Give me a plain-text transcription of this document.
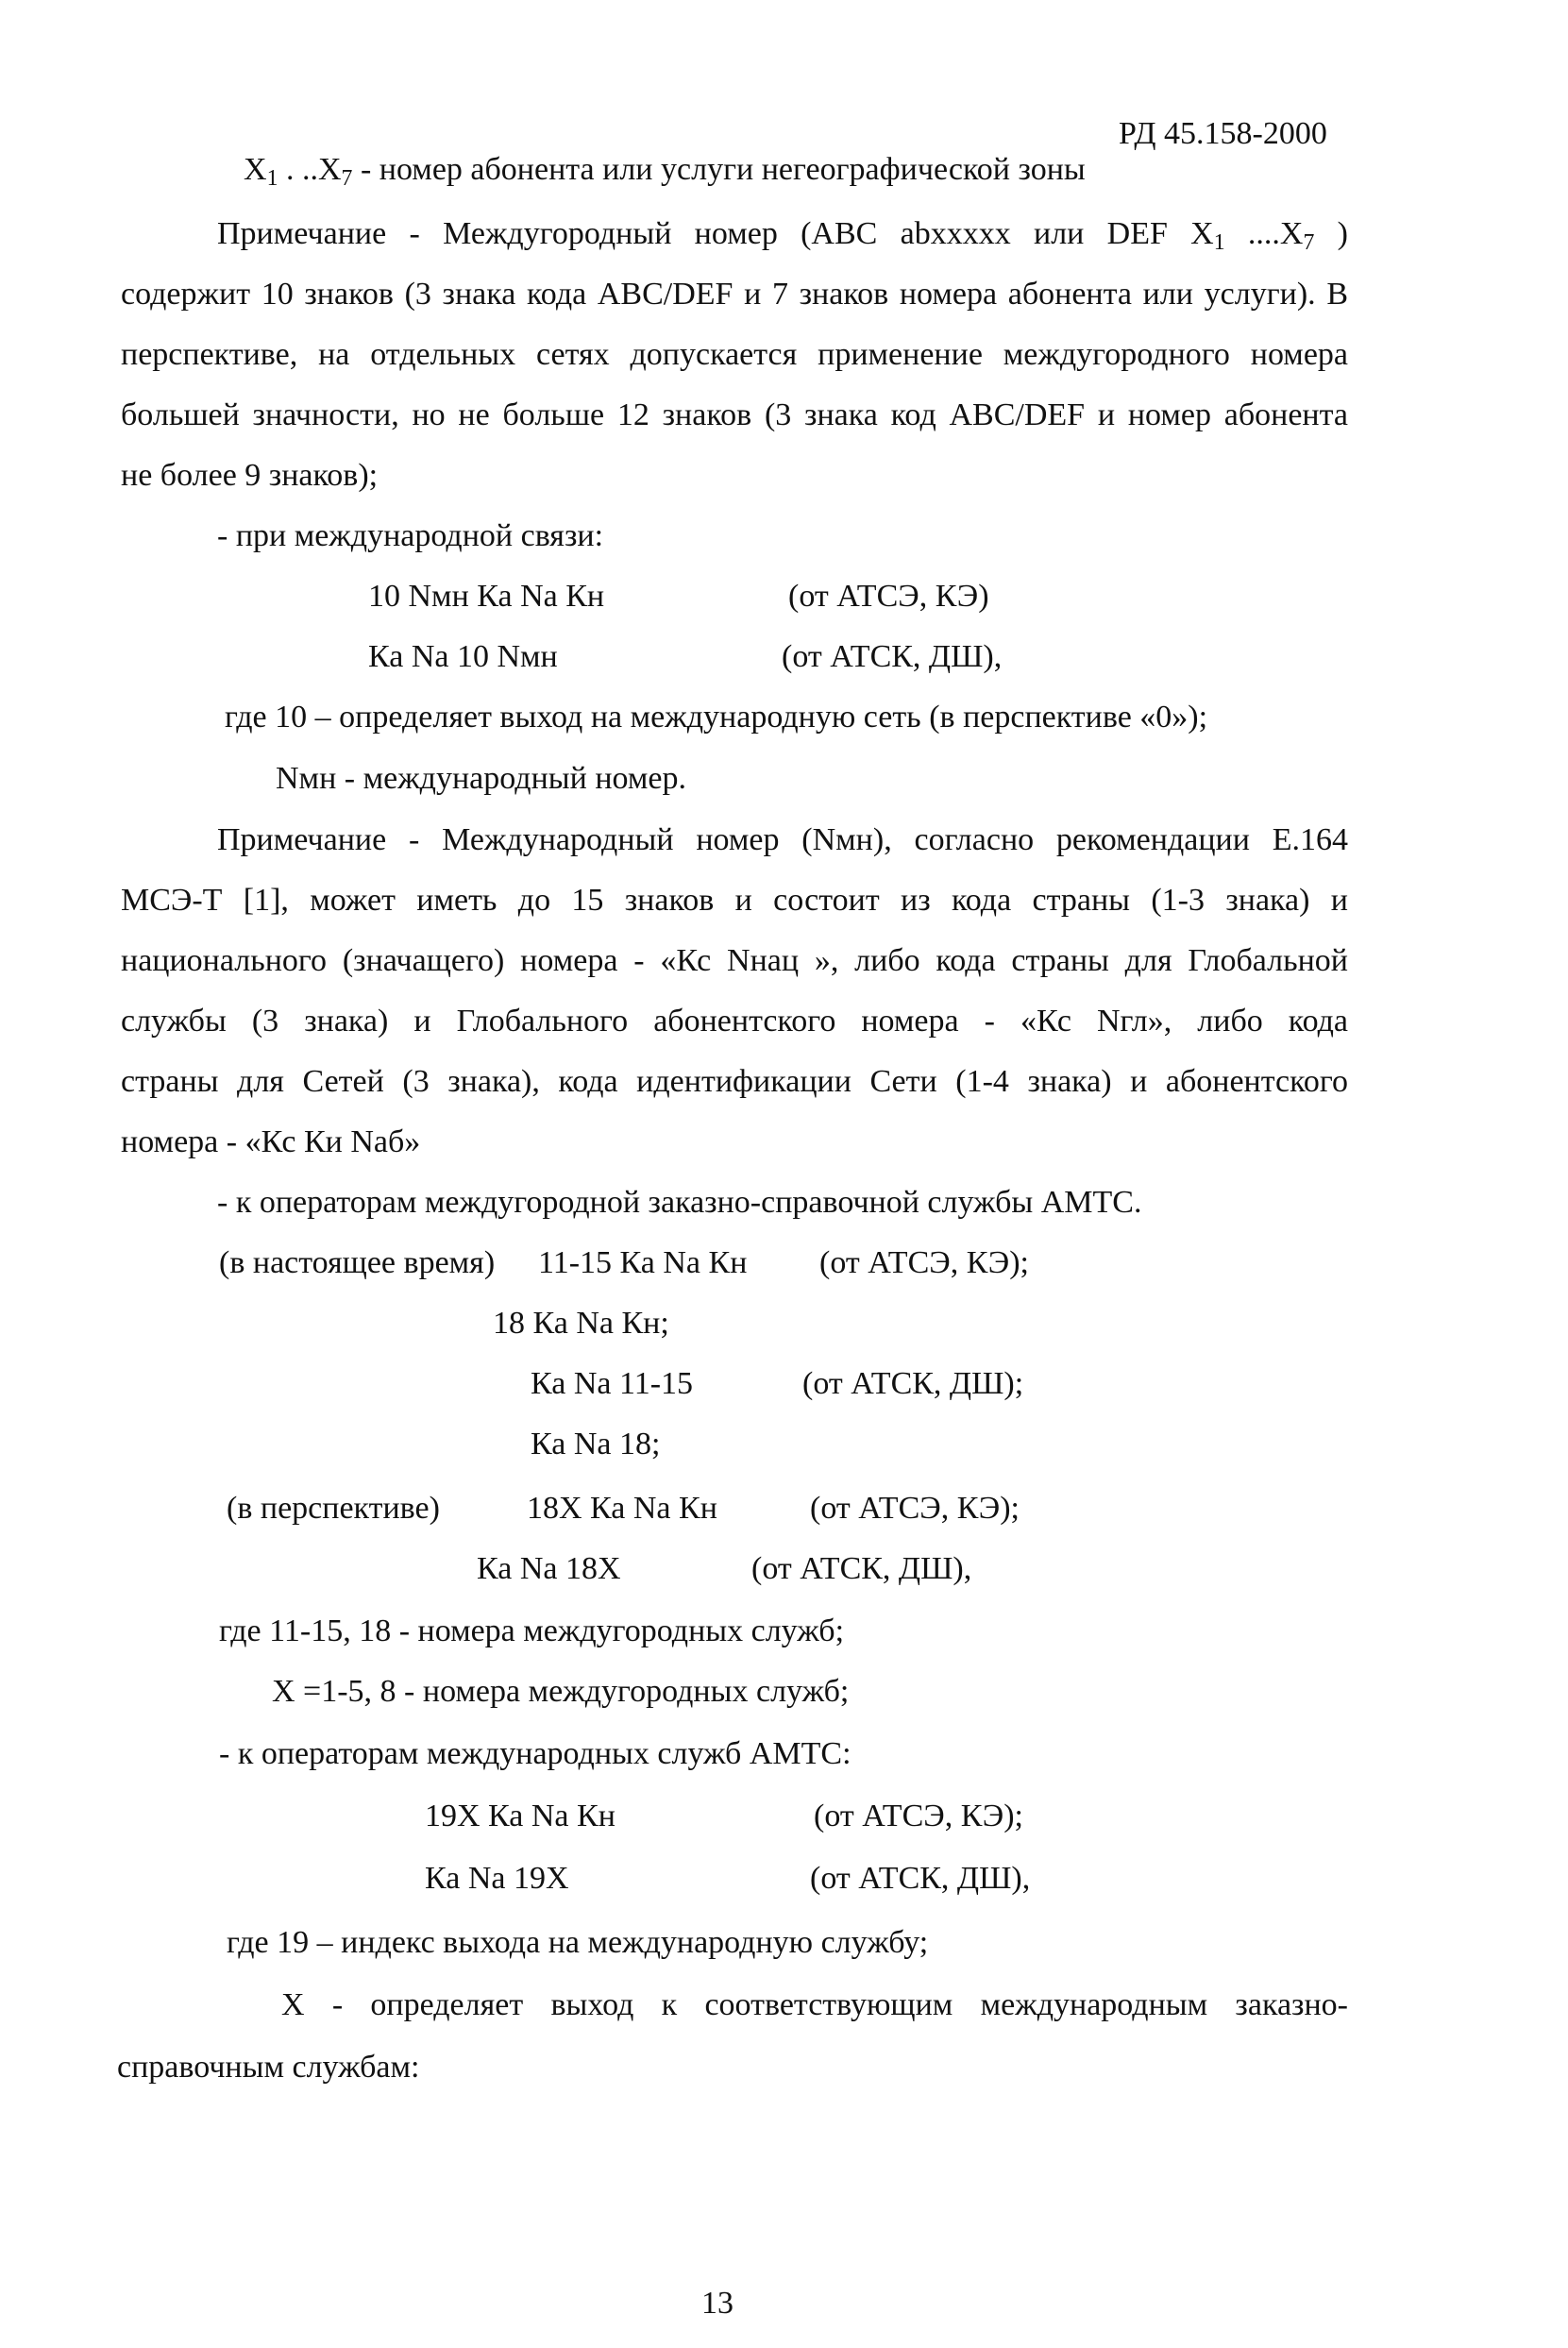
РД 45.158-2000
$X_1$ . $..X_7$ - номер абонента или услуги негеографической зоны
Примечание - Междугородный номер (ABC abxxxxx или DEF $X_1$ $....X_7$ )
содержит 10 знаков (3 знака кода ABC/DEF и 7 знаков номера абонента или услуги). В
перспективе, на отдельных сетях допускается применение междугородного номера
большей значности, но не больше 12 знаков (3 знака код ABC/DEF и номер абонента
не более 9 знаков);
- при международной связи:
10 Nмн Ка Na Кн	(от АТСЭ, КЭ)
Ка Na 10 Nмн	(от АТСК, ДШ),
где 10 – определяет выход на международную сеть (в перспективе «0»);
Nмн - международный номер.
Примечание - Международный номер (Nмн), согласно рекомендации Е.164
МСЭ-Т [1], может иметь до 15 знаков и состоит из кода страны (1-3 знака) и
национального (значащего) номера - «Кс Nнац », либо кода страны для Глобальной
службы (3 знака) и Глобального абонентского номера - «Кс Nгл», либо кода
страны для Сетей (3 знака), кода идентификации Сети (1-4 знака) и абонентского
номера - «Кс Ки Nаб»
- к операторам междугородной заказно-справочной службы АМТС.
(в настоящее время) 11-15 Ка Na Кн (от АТСЭ, КЭ);
18 Ка Na Кн;
Ка Na 11-15	(от АТСК, ДШ);
Ка Na 18;
(в перспективе)	18X Ка Na Кн	(от АТСЭ, КЭ);
Ка Na 18X	(от АТСК, ДШ),
где 11-15, 18 - номера междугородных служб;
X =1-5, 8 - номера междугородных служб;
- к операторам международных служб АМТС:
19X Ка Na Кн	(от АТСЭ, КЭ);
Ка Na 19X	(от АТСК, ДШ),
где 19 – индекс выхода на международную службу;
X - определяет выход к соответствующим международным заказно-
справочным службам:
13
